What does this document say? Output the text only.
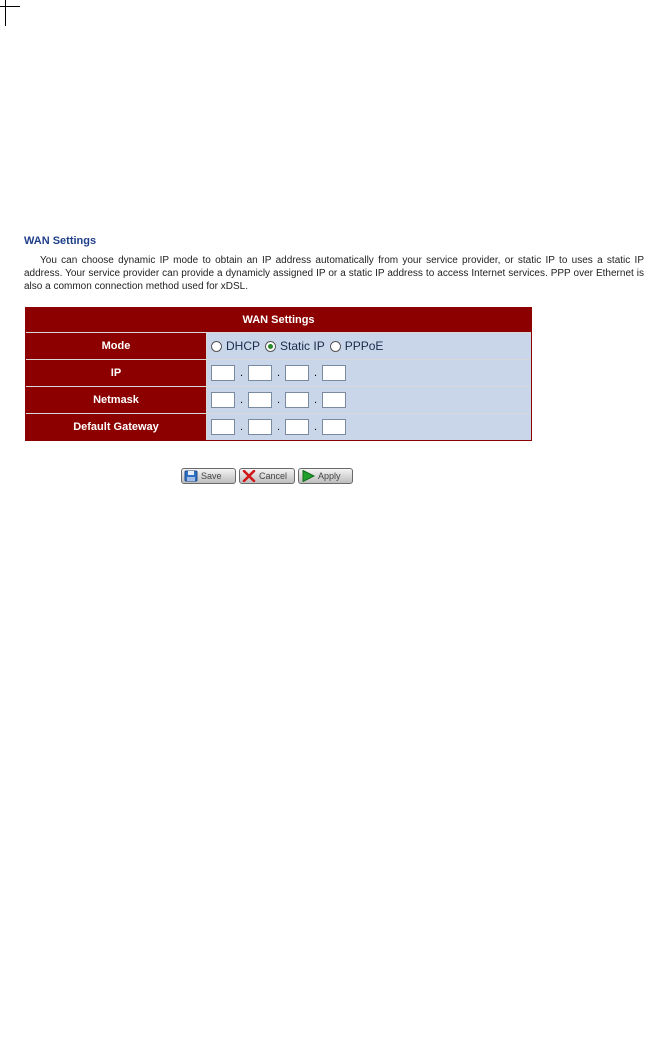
WAN Settings
You can choose dynamic IP mode to obtain an IP address automatically from your service provider, or static IP to uses a static IP address. Your service provider can provide a dynamicly assigned IP or a static IP address to access Internet services. PPP over Ethernet is also a common connection method used for xDSL.
WAN Settings	
Mode	DHCP Static IP PPPoE

IP	. . .

Netmask	. . .

Default Gateway	. . .
Save	Cancel	Apply
